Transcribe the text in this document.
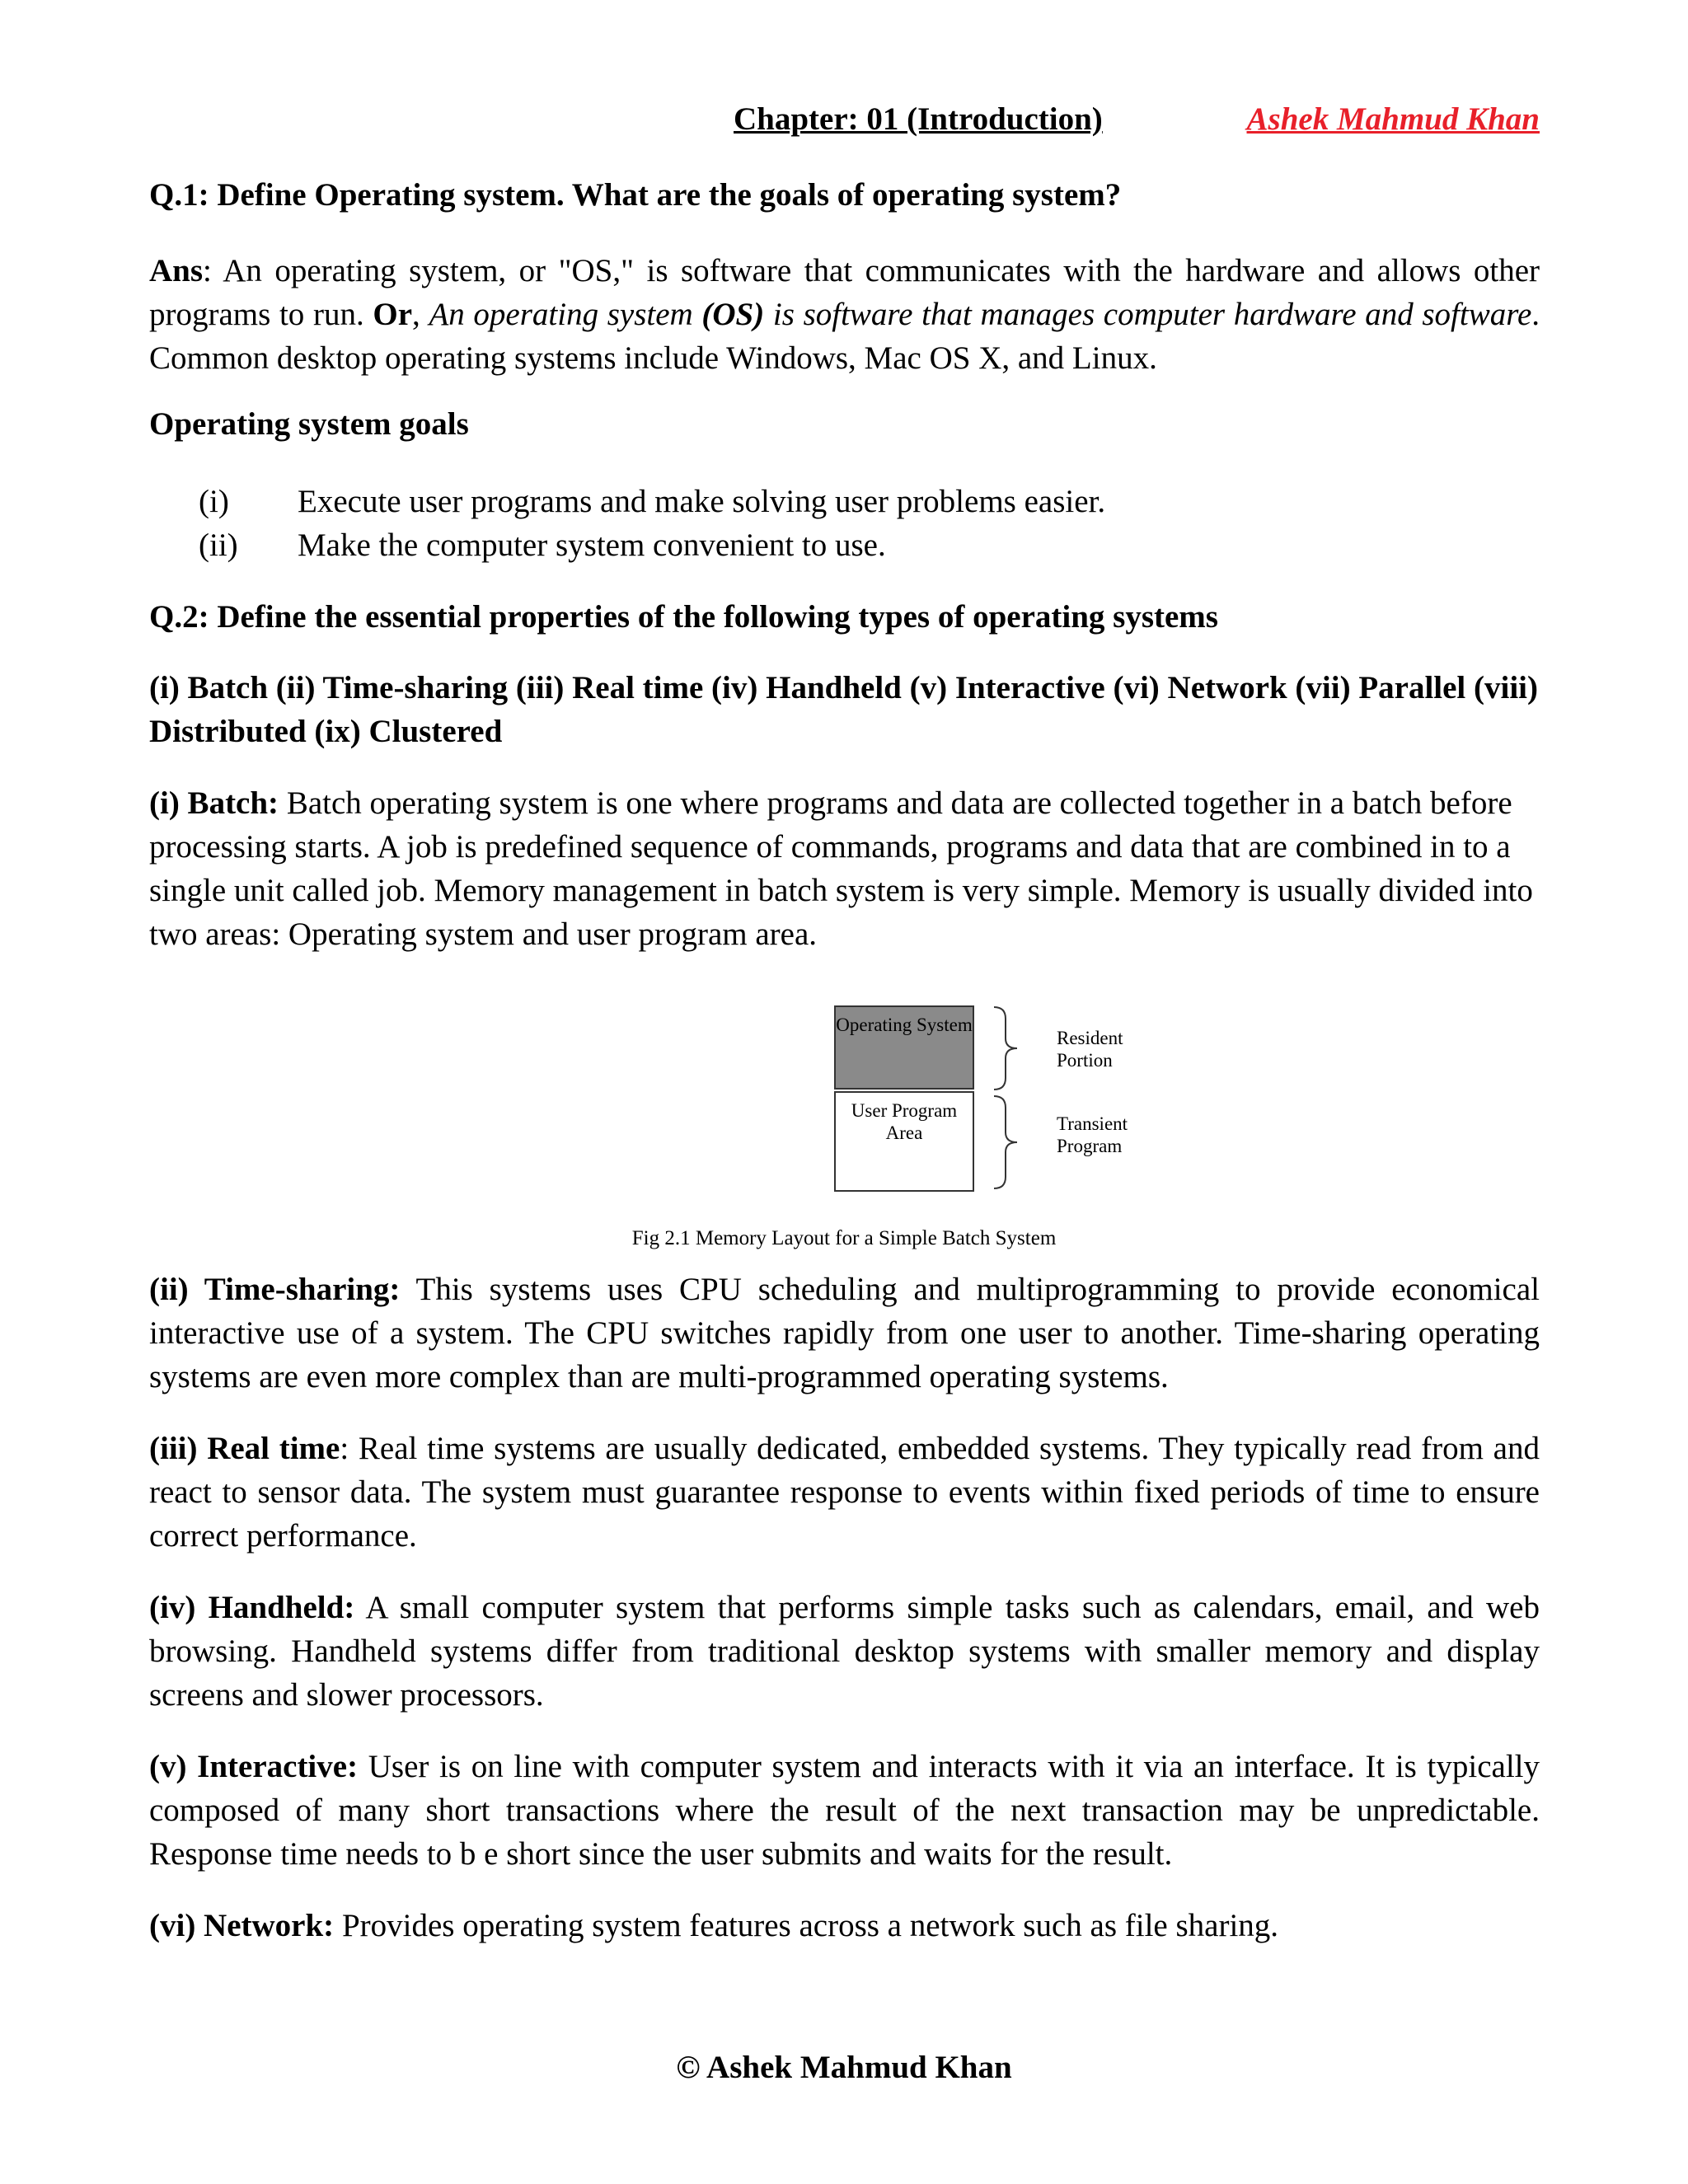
Chapter: 01 (Introduction)	Ashek Mahmud Khan
Q.1: Define Operating system. What are the goals of operating system?
Ans: An operating system, or "OS," is software that communicates with the hardware and allows other programs to run. Or, An operating system (OS) is software that manages computer hardware and software. Common desktop operating systems include Windows, Mac OS X, and Linux.
Operating system goals
(i) Execute user programs and make solving user problems easier.
(ii) Make the computer system convenient to use.
Q.2: Define the essential properties of the following types of operating systems
(i) Batch (ii) Time-sharing (iii) Real time (iv) Handheld (v) Interactive (vi) Network (vii) Parallel (viii) Distributed (ix) Clustered
(i) Batch: Batch operating system is one where programs and data are collected together in a batch before processing starts. A job is predefined sequence of commands, programs and data that are combined in to a single unit called job. Memory management in batch system is very simple. Memory is usually divided into two areas: Operating system and user program area.
(ii) Time-sharing: This systems uses CPU scheduling and multiprogramming to provide economical interactive use of a system. The CPU switches rapidly from one user to another. Time-sharing operating systems are even more complex than are multi-programmed operating systems.
(iii) Real time: Real time systems are usually dedicated, embedded systems. They typically read from and react to sensor data. The system must guarantee response to events within fixed periods of time to ensure correct performance.
(iv) Handheld: A small computer system that performs simple tasks such as calendars, email, and web browsing. Handheld systems differ from traditional desktop systems with smaller memory and display screens and slower processors.
(v) Interactive: User is on line with computer system and interacts with it via an interface. It is typically composed of many short transactions where the result of the next transaction may be unpredictable. Response time needs to b e short since the user submits and waits for the result.
(vi) Network: Provides operating system features across a network such as file sharing.
Operating System
User Program Area
Resident Portion
Transient Program
Fig 2.1 Memory Layout for a Simple Batch System
© Ashek Mahmud Khan
